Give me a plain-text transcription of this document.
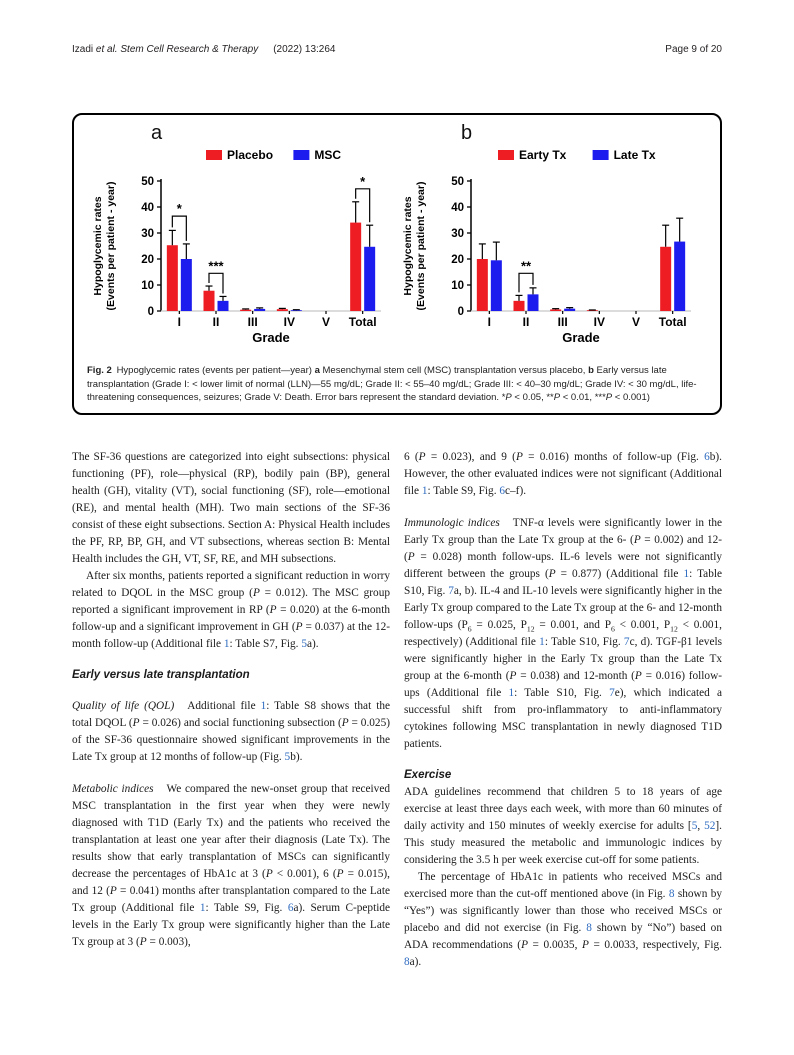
Izadi et al. Stem Cell Research & Therapy   (2022) 13:264	Page 9 of 20
a
Placebo	MSC
0
10
20
30
40
50
Hypoglycemic rates (Events per patient - year)
I	II III IV V Total
Grade
*
***
*
b
Earty Tx	Late Tx
0
10
20
30
40
50
Hypoglycemic rates (Events per patient - year)
I	II III IV V Total
Grade
**
Fig. 2 Hypoglycemic rates (events per patient—year) a Mesenchymal stem cell (MSC) transplantation versus placebo, b Early versus late transplantation (Grade I: < lower limit of normal (LLN)—55 mg/dL; Grade II: < 55–40 mg/dL; Grade III: < 40–30 mg/dL; Grade IV: < 30 mg/dL, life-threatening consequences, seizures; Grade V: Death. Error bars represent the standard deviation. *P < 0.05, **P < 0.01, ***P < 0.001)

The SF-36 questions are categorized into eight subsections: physical functioning (PF), role—physical (RP), bodily pain (BP), general health (GH), vitality (VT), social functioning (SF), role—emotional (RE), and mental health (MH). Two main sections of the SF-36 consist of these eight subsections. Section A: Physical Health includes the PF, RP, BP, GH, and VT subsections, whereas section B: Mental Health includes the GH, VT, SF, RE, and MH subsections.

After six months, patients reported a significant reduction in worry related to DQOL in the MSC group (P = 0.012). The MSC group reported a significant improvement in RP (P = 0.020) at the 6-month follow-up and a significant improvement in GH (P = 0.037) at the 12-month follow-up (Additional file 1: Table S7, Fig. 5a).

Early versus late transplantation

Quality of life (QOL) Additional file 1: Table S8 shows that the total DQOL (P = 0.026) and social functioning subsection (P = 0.025) of the SF-36 questionnaire showed significant improvements in the Late Tx group at 12 months of follow-up (Fig. 5b).

Metabolic indices We compared the new-onset group that received MSC transplantation in the first year when they were newly diagnosed with T1D (Early Tx) and the patients who received the transplantation at least one year after their diagnosis (Late Tx). The results show that early transplantation of MSCs can significantly decrease the percentages of HbA1c at 3 (P < 0.001), 6 (P = 0.015), and 12 (P = 0.041) months after transplantation compared to the Late Tx group (Additional file 1: Table S9, Fig. 6a). Serum C-peptide levels in the Early Tx group were significantly higher than the Late Tx group at 3 (P = 0.003),

6 (P = 0.023), and 9 (P = 0.016) months of follow-up (Fig. 6b). However, the other evaluated indices were not significant (Additional file 1: Table S9, Fig. 6c–f).

Immunologic indices TNF-α levels were significantly lower in the Early Tx group than the Late Tx group at the 6- (P = 0.002) and 12- (P = 0.028) month follow-ups. IL-6 levels were not significantly different between the groups (P = 0.877) (Additional file 1: Table S10, Fig. 7a, b). IL-4 and IL-10 levels were significantly higher in the Early Tx group compared to the Late Tx group at the 6- and 12-month follow-ups ($P_6 = 0.025$, $P_{12} = 0.001$, and $P_6 < 0.001$, $P_{12} < 0.001$, respectively) (Additional file 1: Table S10, Fig. 7c, d). TGF-β1 levels were significantly higher in the Early Tx group than the Late Tx group at the 6-month (P = 0.038) and 12-month (P = 0.016) follow-ups (Additional file 1: Table S10, Fig. 7e), which indicated a successful shift from pro-inflammatory to anti-inflammatory cytokines following MSC transplantation in newly diagnosed T1D patients.

Exercise

ADA guidelines recommend that children 5 to 18 years of age exercise at least three days each week, with more than 60 minutes of daily activity and 150 minutes of weekly exercise for adults [5, 52]. This study measured the metabolic and immunologic indices by considering the 3.5 h per week exercise cut-off for some patients.

The percentage of HbA1c in patients who received MSCs and exercised more than the cut-off mentioned above (in Fig. 8 shown by “Yes”) was significantly lower than those who received MSCs or placebo and did not exercise (in Fig. 8 shown by “No”) based on ADA recommendations (P = 0.0035, P = 0.0033, respectively, Fig. 8a).
